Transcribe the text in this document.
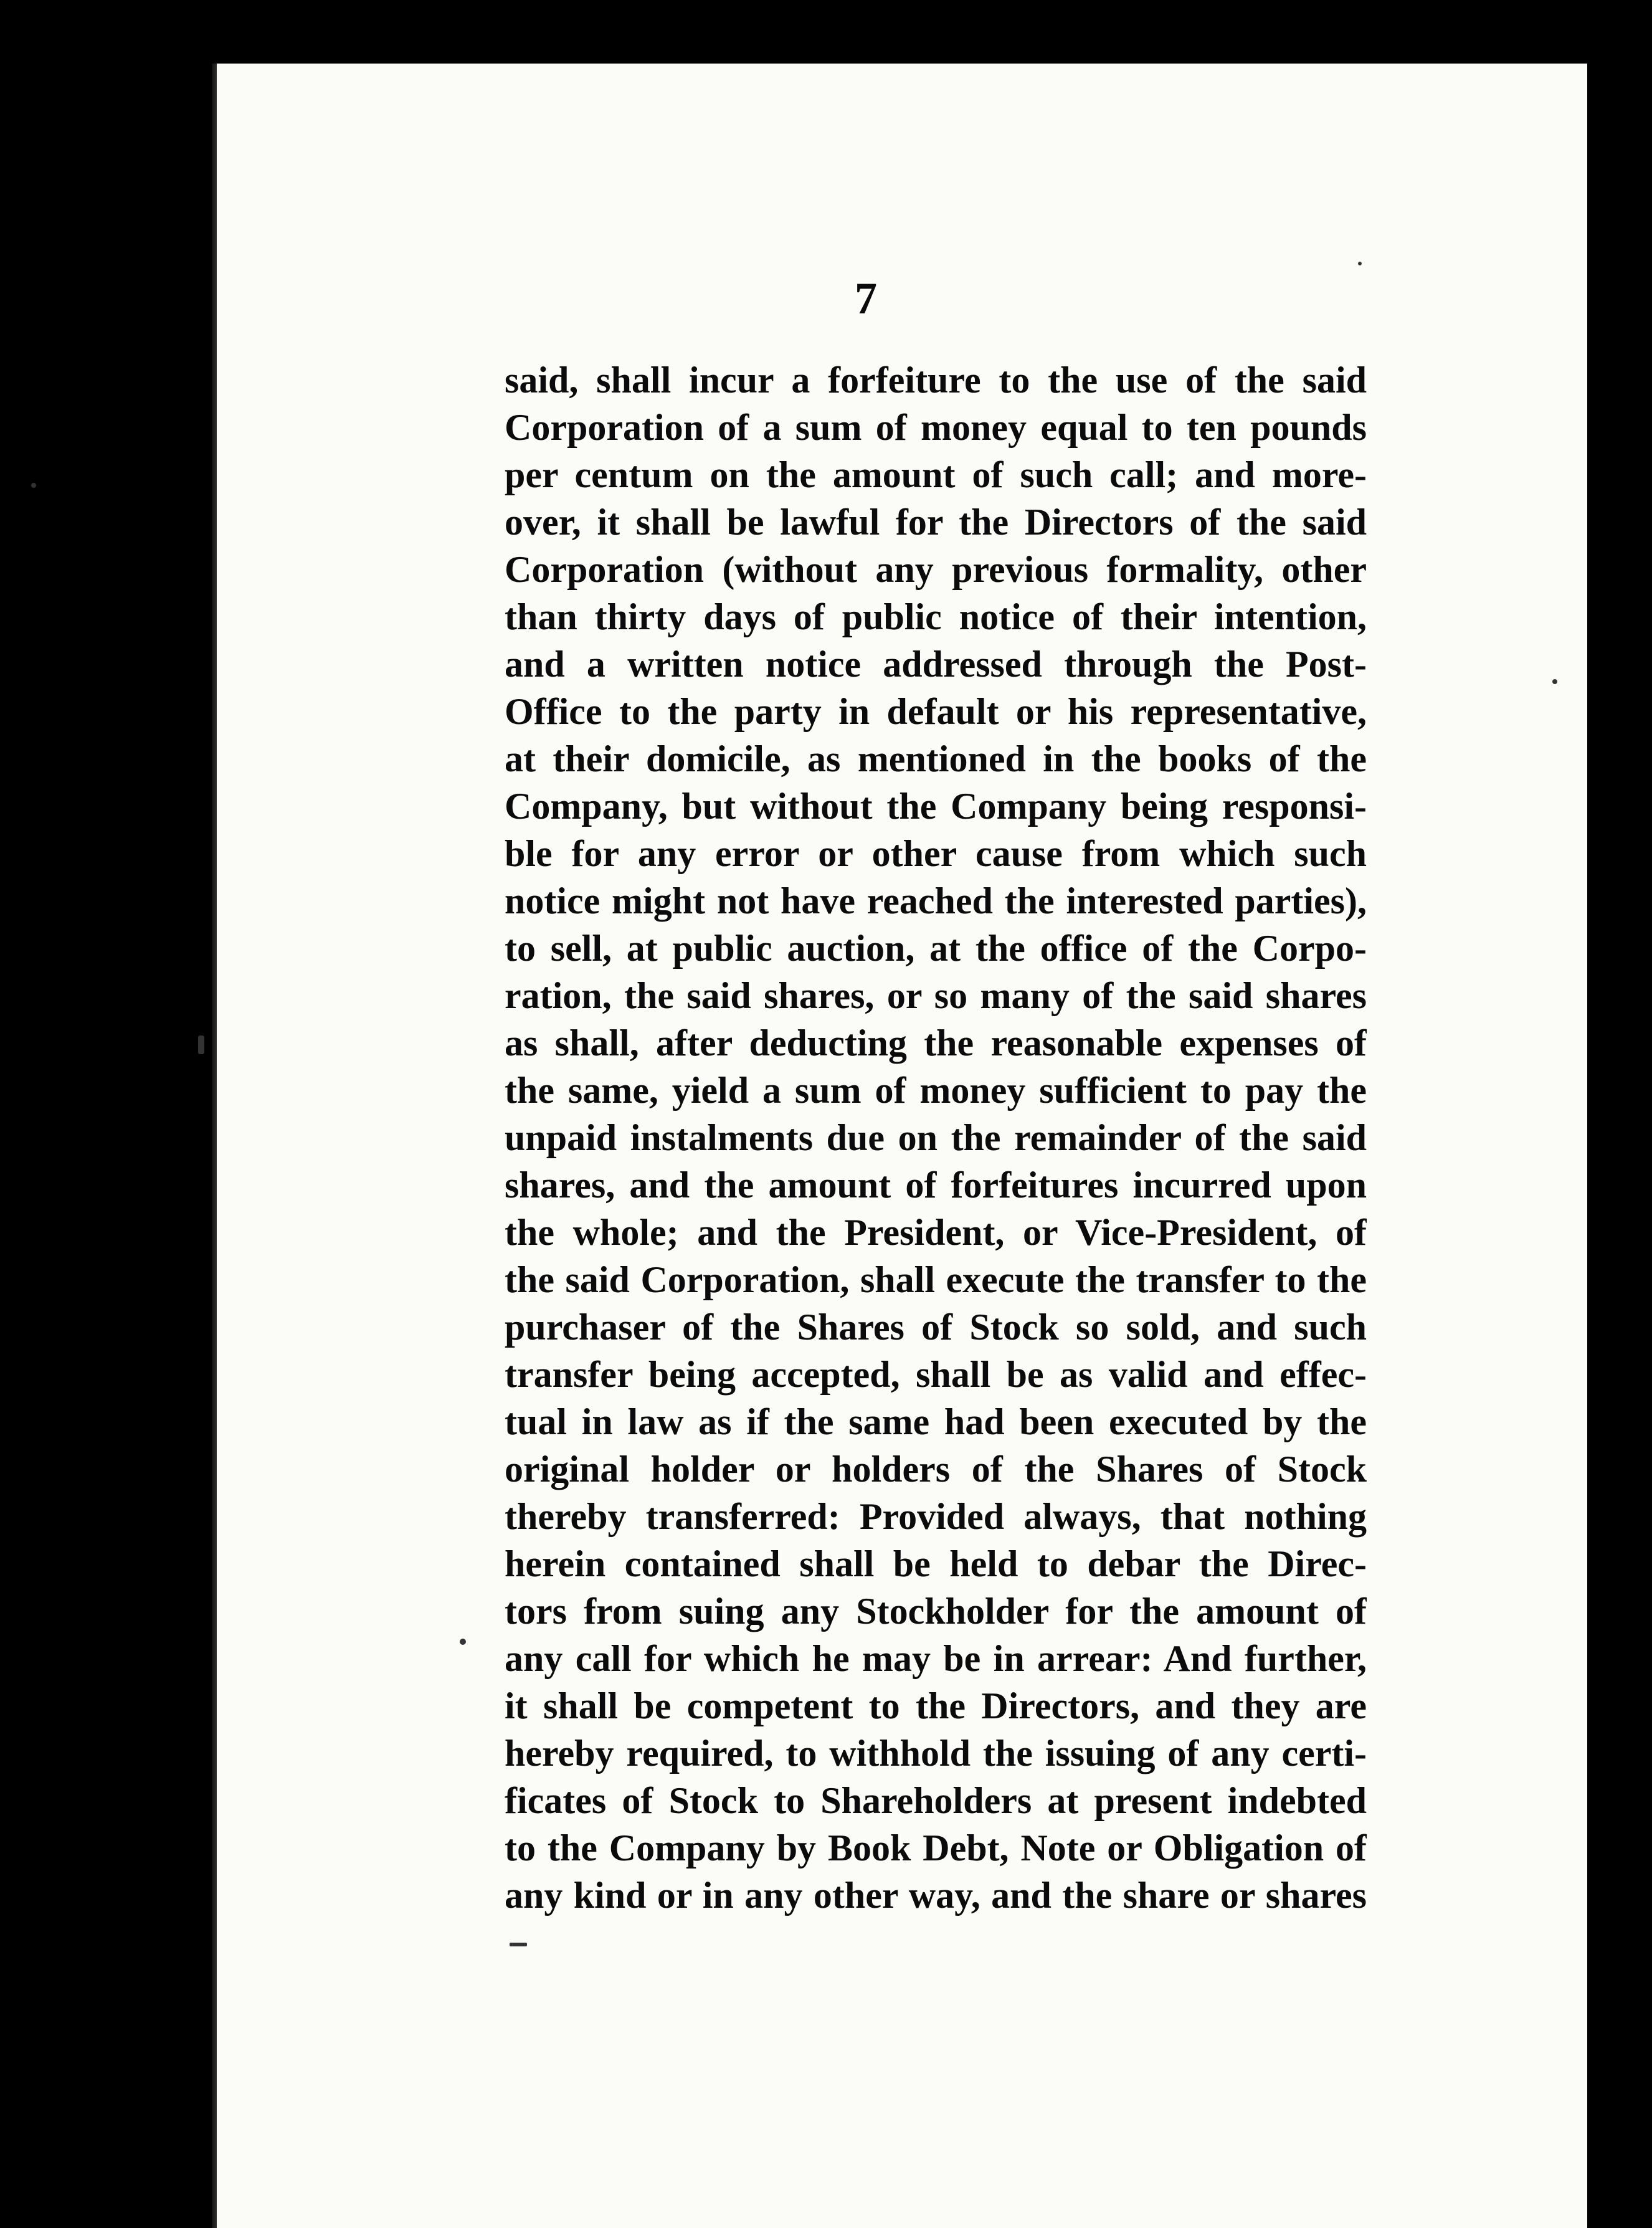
7
said, shall incur a forfeiture to the use of the said
Corporation of a sum of money equal to ten pounds
per centum on the amount of such call; and more-
over, it shall be lawful for the Directors of the said
Corporation (without any previous formality, other
than thirty days of public notice of their intention,
and a written notice addressed through the Post-
Office to the party in default or his representative,
at their domicile, as mentioned in the books of the
Company, but without the Company being responsi-
ble for any error or other cause from which such
notice might not have reached the interested parties),
to sell, at public auction, at the office of the Corpo-
ration, the said shares, or so many of the said shares
as shall, after deducting the reasonable expenses of
the same, yield a sum of money sufficient to pay the
unpaid instalments due on the remainder of the said
shares, and the amount of forfeitures incurred upon
the whole; and the President, or Vice-President, of
the said Corporation, shall execute the transfer to the
purchaser of the Shares of Stock so sold, and such
transfer being accepted, shall be as valid and effec-
tual in law as if the same had been executed by the
original holder or holders of the Shares of Stock
thereby transferred: Provided always, that nothing
herein contained shall be held to debar the Direc-
tors from suing any Stockholder for the amount of
any call for which he may be in arrear: And further,
it shall be competent to the Directors, and they are
hereby required, to withhold the issuing of any certi-
ficates of Stock to Shareholders at present indebted
to the Company by Book Debt, Note or Obligation of
any kind or in any other way, and the share or shares
